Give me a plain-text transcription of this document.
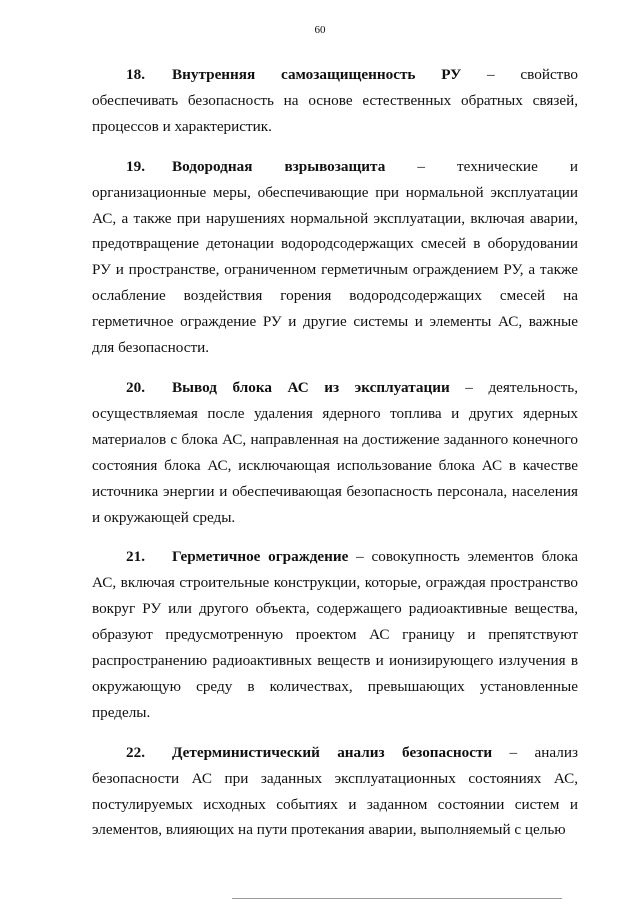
60

18. Внутренняя самозащищенность РУ – свойство обеспечивать безопасность на основе естественных обратных связей, процессов и характеристик.

19. Водородная взрывозащита – технические и организационные меры, обеспечивающие при нормальной эксплуатации АС, а также при нарушениях нормальной эксплуатации, включая аварии, предотвращение детонации водородсодержащих смесей в оборудовании РУ и пространстве, ограниченном герметичным ограждением РУ, а также ослабление воздействия горения водородсодержащих смесей на герметичное ограждение РУ и другие системы и элементы АС, важные для безопасности.

20. Вывод блока АС из эксплуатации – деятельность, осуществляемая после удаления ядерного топлива и других ядерных материалов с блока АС, направленная на достижение заданного конечного состояния блока АС, исключающая использование блока АС в качестве источника энергии и обеспечивающая безопасность персонала, населения и окружающей среды.

21. Герметичное ограждение – совокупность элементов блока АС, включая строительные конструкции, которые, ограждая пространство вокруг РУ или другого объекта, содержащего радиоактивные вещества, образуют предусмотренную проектом АС границу и препятствуют распространению радиоактивных веществ и ионизирующего излучения в окружающую среду в количествах, превышающих установленные пределы.

22. Детерминистический анализ безопасности – анализ безопасности АС при заданных эксплуатационных состояниях АС, постулируемых исходных событиях и заданном состоянии систем и элементов, влияющих на пути протекания аварии, выполняемый с целью
